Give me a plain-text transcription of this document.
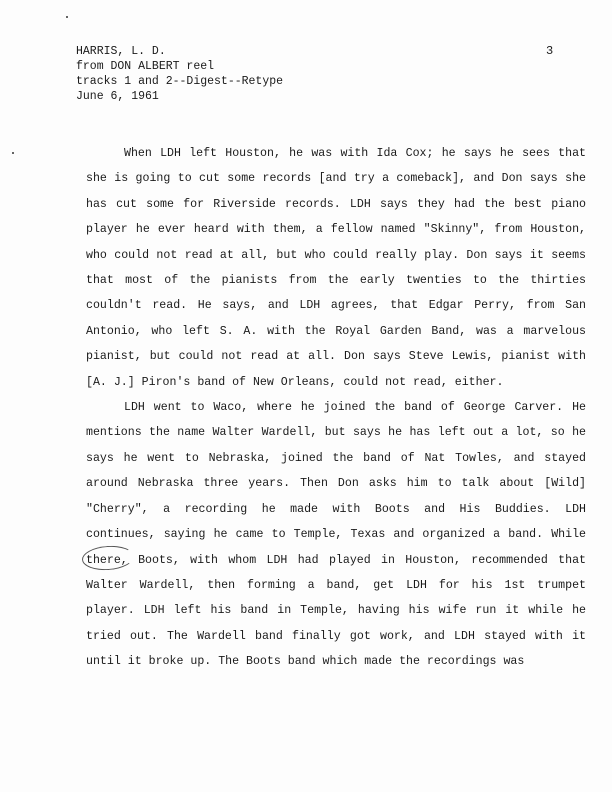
HARRIS, L. D.
from DON ALBERT reel
tracks 1 and 2--Digest--Retype
June 6, 1961
3

When LDH left Houston, he was with Ida Cox; he says he sees that she is going to cut some records [and try a comeback], and Don says she has cut some for Riverside records. LDH says they had the best piano player he ever heard with them, a fellow named "Skinny", from Houston, who could not read at all, but who could really play. Don says it seems that most of the pianists from the early twenties to the thirties couldn't read. He says, and LDH agrees, that Edgar Perry, from San Antonio, who left S. A. with the Royal Garden Band, was a marvelous pianist, but could not read at all. Don says Steve Lewis, pianist with [A. J.] Piron's band of New Orleans, could not read, either.

LDH went to Waco, where he joined the band of George Carver. He mentions the name Walter Wardell, but says he has left out a lot, so he says he went to Nebraska, joined the band of Nat Towles, and stayed around Nebraska three years. Then Don asks him to talk about [Wild] "Cherry", a recording he made with Boots and His Buddies. LDH continues, saying he came to Temple, Texas and organized a band. While there, Boots, with whom LDH had played in Houston, recommended that Walter Wardell, then forming a band, get LDH for his 1st trumpet player. LDH left his band in Temple, having his wife run it while he tried out. The Wardell band finally got work, and LDH stayed with it until it broke up. The Boots band which made the recordings was
